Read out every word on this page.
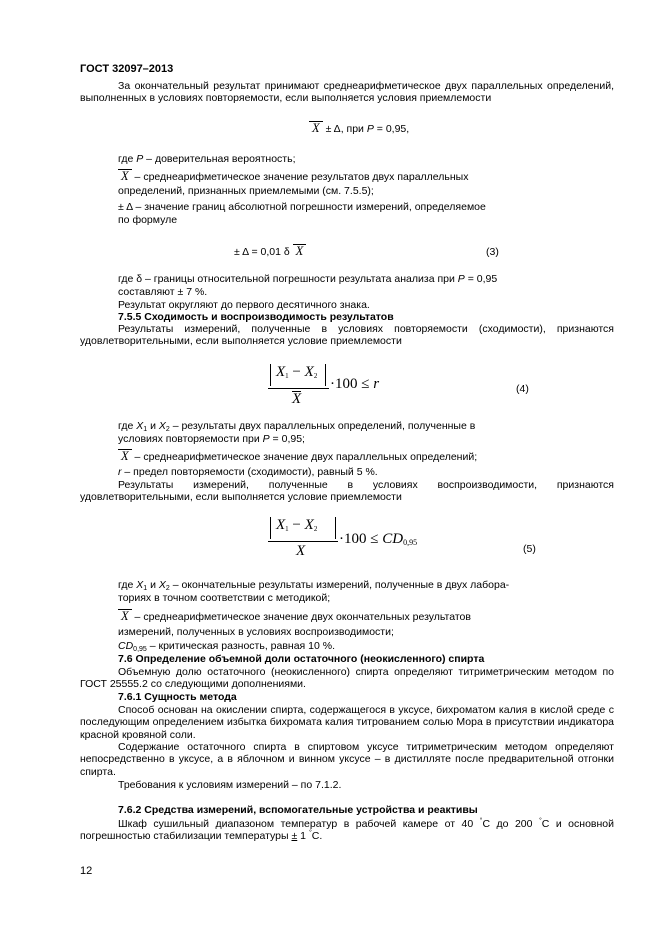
ГОСТ 32097–2013
За окончательный результат принимают среднеарифметическое двух параллельных определений, выполненных в условиях повторяемости, если выполняется условия приемлемости
X ± Δ, при P = 0,95,
где P – доверительная вероятность;
X – среднеарифметическое значение результатов двух параллельных
определений, признанных приемлемыми (см. 7.5.5);
± Δ – значение границ абсолютной погрешности измерений, определяемое
по формуле
± Δ = 0,01 δ X	(3)
где δ – границы относительной погрешности результата анализа при P = 0,95
составляют ± 7 %.
Результат округляют до первого десятичного знака.
7.5.5 Сходимость и воспроизводимость результатов
Результаты измерений, полученные в условиях повторяемости (сходимости), признаются удовлетворительными, если выполняется условие приемлемости
$X_1 - X_2$
X
·100 ≤ r	(4)
где $X_1$ и $X_2$ – результаты двух параллельных определений, полученные в
условиях повторяемости при P = 0,95;
X – среднеарифметическое значение двух параллельных определений;
r – предел повторяемости (сходимости), равный 5 %.
Результаты измерений, полученные в условиях воспроизводимости, признаются удовлетворительными, если выполняется условие приемлемости
$X_1 - X_2$
X
$\cdot 100 \le CD_{0,95}$
(5)
где $X_1$ и $X_2$ – окончательные результаты измерений, полученные в двух лабора-
ториях в точном соответствии с методикой;
X – среднеарифметическое значение двух окончательных результатов
измерений, полученных в условиях воспроизводимости;
$CD_{0,95}$ – критическая разность, равная 10 %.
7.6 Определение объемной доли остаточного (неокисленного) спирта
Объемную долю остаточного (неокисленного) спирта определяют титриметрическим методом по ГОСТ 25555.2 со следующими дополнениями.
7.6.1 Сущность метода
Способ основан на окислении спирта, содержащегося в уксусе, бихроматом калия в кислой среде с последующим определением избытка бихромата калия титрованием солью Мора в присутствии индикатора красной кровяной соли.
Содержание остаточного спирта в спиртовом уксусе титриметрическим методом определяют непосредственно в уксусе, а в яблочном и винном уксусе – в дистилляте после предварительной отгонки спирта.
Требования к условиям измерений – по 7.1.2.
7.6.2 Средства измерений, вспомогательные устройства и реактивы
Шкаф сушильный диапазоном температур в рабочей камере от 40 °С до 200 °С и основной погрешностью стабилизации температуры ± 1 °С.
12
